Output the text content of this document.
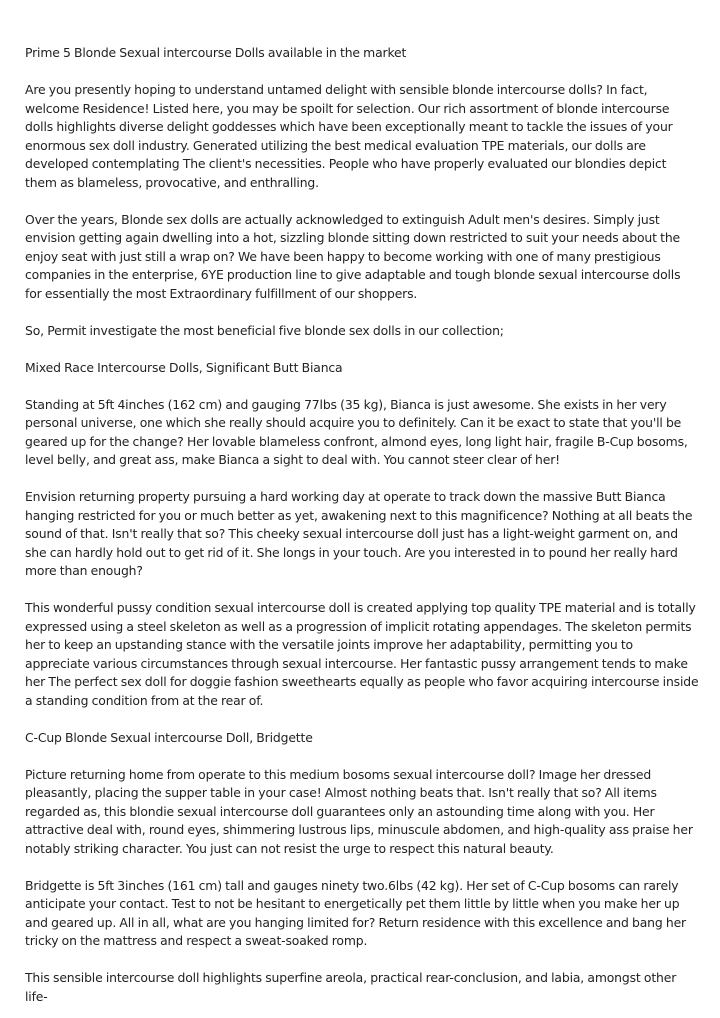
Prime 5 Blonde Sexual intercourse Dolls available in the market

Are you presently hoping to understand untamed delight with sensible blonde intercourse dolls? In fact, welcome Residence! Listed here, you may be spoilt for selection. Our rich assortment of blonde intercourse dolls highlights diverse delight goddesses which have been exceptionally meant to tackle the issues of your enormous sex doll industry. Generated utilizing the best medical evaluation TPE materials, our dolls are developed contemplating The client's necessities. People who have properly evaluated our blondies depict them as blameless, provocative, and enthralling.

Over the years, Blonde sex dolls are actually acknowledged to extinguish Adult men's desires. Simply just envision getting again dwelling into a hot, sizzling blonde sitting down restricted to suit your needs about the enjoy seat with just still a wrap on? We have been happy to become working with one of many prestigious companies in the enterprise, 6YE production line to give adaptable and tough blonde sexual intercourse dolls for essentially the most Extraordinary fulfillment of our shoppers.

So, Permit investigate the most beneficial five blonde sex dolls in our collection;

Mixed Race Intercourse Dolls, Significant Butt Bianca

Standing at 5ft 4inches (162 cm) and gauging 77lbs (35 kg), Bianca is just awesome. She exists in her very personal universe, one which she really should acquire you to definitely. Can it be exact to state that you'll be geared up for the change? Her lovable blameless confront, almond eyes, long light hair, fragile B-Cup bosoms, level belly, and great ass, make Bianca a sight to deal with. You cannot steer clear of her!

Envision returning property pursuing a hard working day at operate to track down the massive Butt Bianca hanging restricted for you or much better as yet, awakening next to this magnificence? Nothing at all beats the sound of that. Isn't really that so? This cheeky sexual intercourse doll just has a light-weight garment on, and she can hardly hold out to get rid of it. She longs in your touch. Are you interested in to pound her really hard more than enough?

This wonderful pussy condition sexual intercourse doll is created applying top quality TPE material and is totally expressed using a steel skeleton as well as a progression of implicit rotating appendages. The skeleton permits her to keep an upstanding stance with the versatile joints improve her adaptability, permitting you to appreciate various circumstances through sexual intercourse. Her fantastic pussy arrangement tends to make her The perfect sex doll for doggie fashion sweethearts equally as people who favor acquiring intercourse inside a standing condition from at the rear of.

C-Cup Blonde Sexual intercourse Doll, Bridgette

Picture returning home from operate to this medium bosoms sexual intercourse doll? Image her dressed pleasantly, placing the supper table in your case! Almost nothing beats that. Isn't really that so? All items regarded as, this blondie sexual intercourse doll guarantees only an astounding time along with you. Her attractive deal with, round eyes, shimmering lustrous lips, minuscule abdomen, and high-quality ass praise her notably striking character. You just can not resist the urge to respect this natural beauty.

Bridgette is 5ft 3inches (161 cm) tall and gauges ninety two.6lbs (42 kg). Her set of C-Cup bosoms can rarely anticipate your contact. Test to not be hesitant to energetically pet them little by little when you make her up and geared up. All in all, what are you hanging limited for? Return residence with this excellence and bang her tricky on the mattress and respect a sweat-soaked romp.

This sensible intercourse doll highlights superfine areola, practical rear-conclusion, and labia, amongst other life-
